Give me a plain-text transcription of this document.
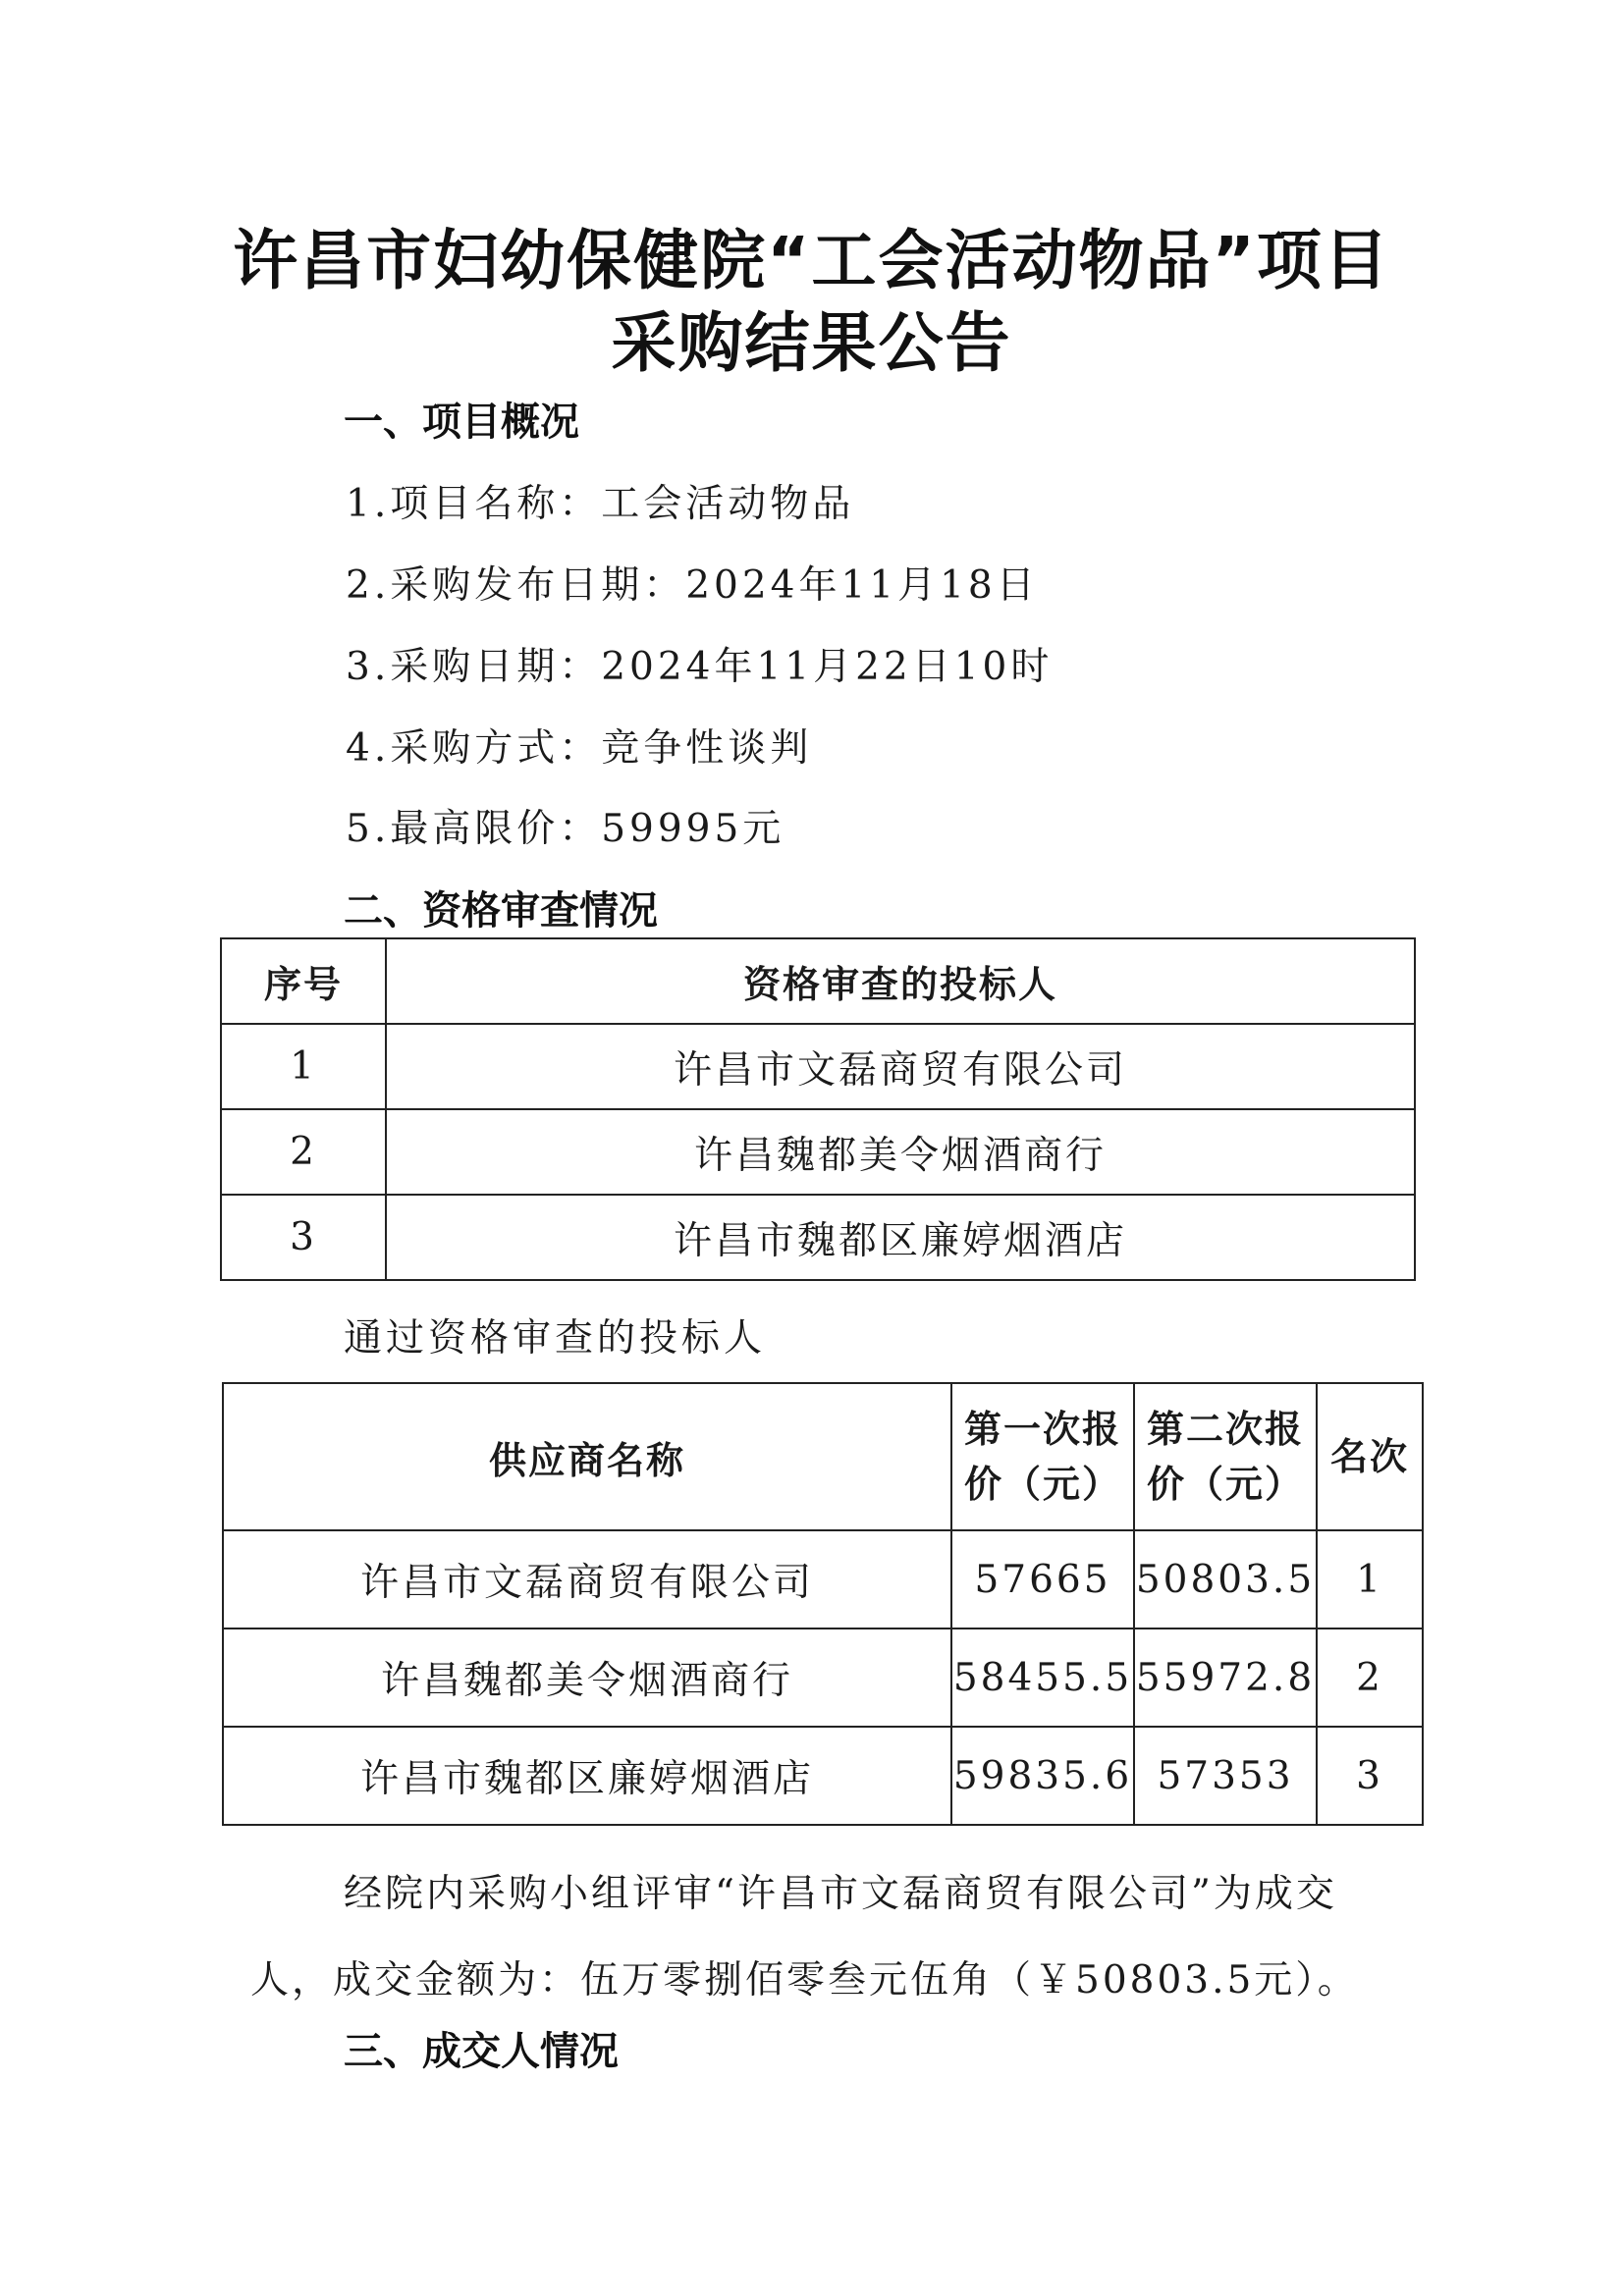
许昌市妇幼保健院“工会活动物品”项目
采购结果公告
一、项目概况
1.项目名称：工会活动物品
2.采购发布日期：2024年11月18日
3.采购日期：2024年11月22日10时
4.采购方式：竞争性谈判
5.最高限价：59995元
二、资格审查情况
序号	资格审查的投标人
1	许昌市文磊商贸有限公司
2	许昌魏都美令烟酒商行
3	许昌市魏都区廉婷烟酒店
通过资格审查的投标人
供应商名称	第一次报价（元）	第二次报价（元）	名次
许昌市文磊商贸有限公司	57665	50803.5	1
许昌魏都美令烟酒商行	58455.5	55972.8	2
许昌市魏都区廉婷烟酒店	59835.6	57353	3
经院内采购小组评审“许昌市文磊商贸有限公司”为成交人，成交金额为：伍万零捌佰零叁元伍角（￥50803.5元）。
三、成交人情况
